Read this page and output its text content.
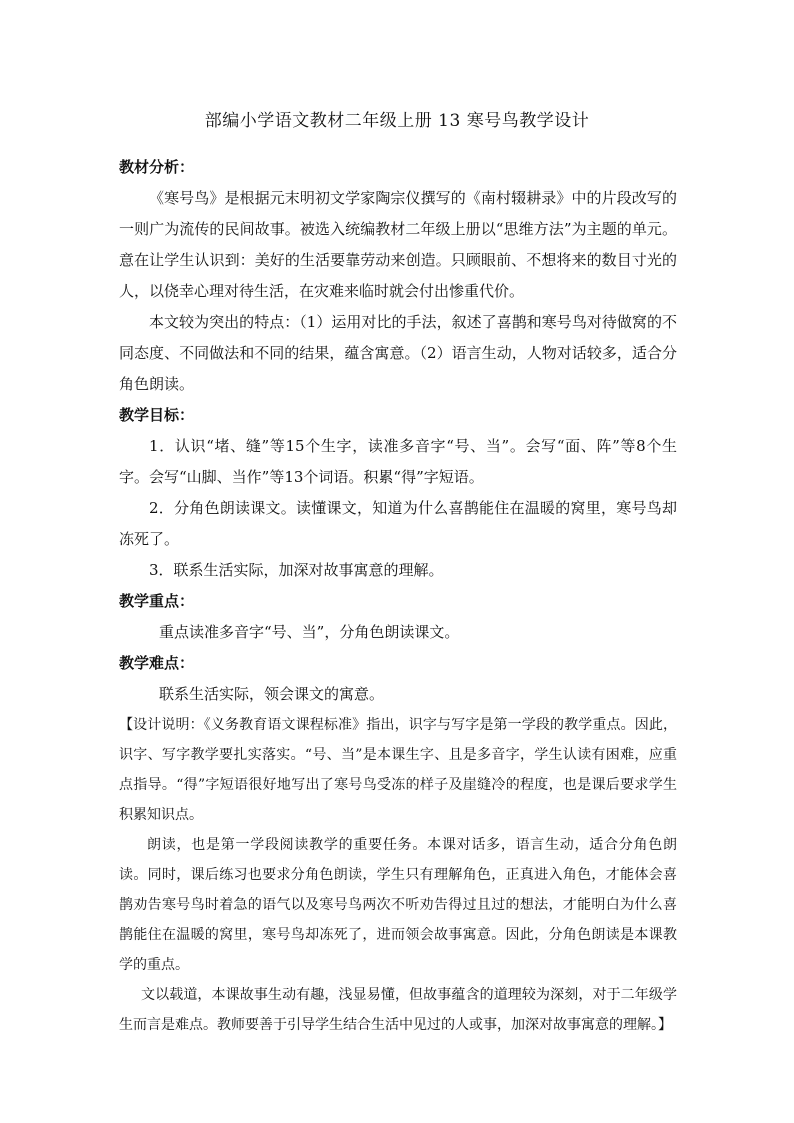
部编小学语文教材二年级上册 13 寒号鸟教学设计

教材分析：

《寒号鸟》是根据元末明初文学家陶宗仪撰写的《南村辍耕录》中的片段改写的一则广为流传的民间故事。被选入统编教材二年级上册以“思维方法”为主题的单元。意在让学生认识到：美好的生活要靠劳动来创造。只顾眼前、不想将来的数目寸光的人，以侥幸心理对待生活，在灾难来临时就会付出惨重代价。

本文较为突出的特点：（1）运用对比的手法，叙述了喜鹊和寒号鸟对待做窝的不同态度、不同做法和不同的结果，蕴含寓意。（2）语言生动，人物对话较多，适合分角色朗读。

教学目标：

1．认识“堵、缝”等15个生字，读准多音字“号、当”。会写“面、阵”等8个生字。会写“山脚、当作”等13个词语。积累“得”字短语。

2．分角色朗读课文。读懂课文，知道为什么喜鹊能住在温暖的窝里，寒号鸟却冻死了。

3．联系生活实际，加深对故事寓意的理解。

教学重点：

重点读准多音字“号、当”，分角色朗读课文。

教学难点：

联系生活实际，领会课文的寓意。

【设计说明：《义务教育语文课程标准》指出，识字与写字是第一学段的教学重点。因此，识字、写字教学要扎实落实。“号、当”是本课生字、且是多音字，学生认读有困难，应重点指导。“得”字短语很好地写出了寒号鸟受冻的样子及崖缝冷的程度，也是课后要求学生积累知识点。

朗读，也是第一学段阅读教学的重要任务。本课对话多，语言生动，适合分角色朗读。同时，课后练习也要求分角色朗读，学生只有理解角色，正真进入角色，才能体会喜鹊劝告寒号鸟时着急的语气以及寒号鸟两次不听劝告得过且过的想法，才能明白为什么喜鹊能住在温暖的窝里，寒号鸟却冻死了，进而领会故事寓意。因此，分角色朗读是本课教学的重点。

文以载道，本课故事生动有趣，浅显易懂，但故事蕴含的道理较为深刻，对于二年级学生而言是难点。教师要善于引导学生结合生活中见过的人或事，加深对故事寓意的理解。】
